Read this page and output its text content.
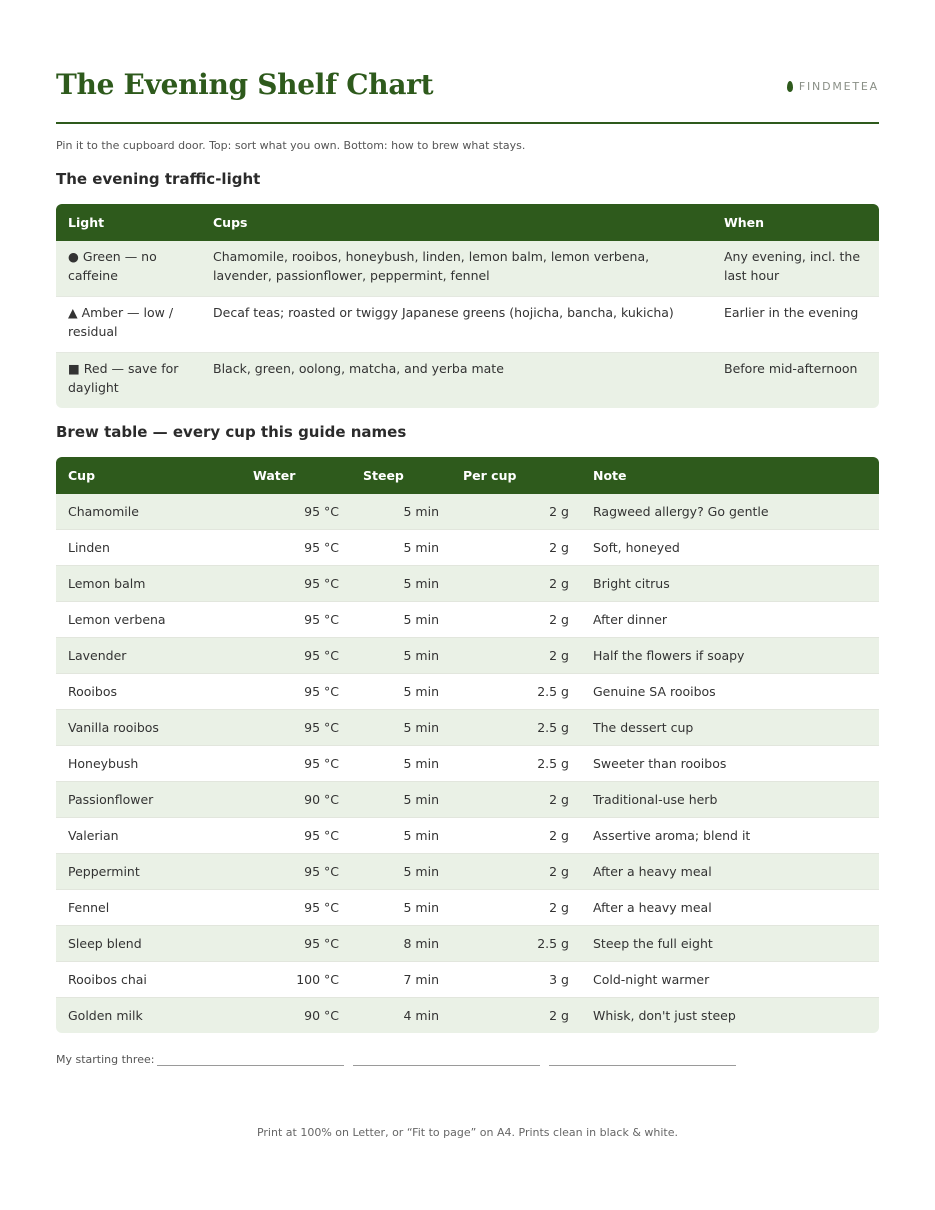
The Evening Shelf Chart	FINDMETEA
Pin it to the cupboard door. Top: sort what you own. Bottom: how to brew what stays.
The evening traffic-light
Light	Cups	When
● Green — no caffeine	Chamomile, rooibos, honeybush, linden, lemon balm, lemon verbena, lavender, passionflower, peppermint, fennel	Any evening, incl. the last hour
▲ Amber — low / residual	Decaf teas; roasted or twiggy Japanese greens (hojicha, bancha, kukicha)	Earlier in the evening
■ Red — save for daylight	Black, green, oolong, matcha, and yerba mate	Before mid-afternoon
Brew table — every cup this guide names
Cup	Water	Steep	Per cup	Note
Chamomile	95 °C	5 min	2 g	Ragweed allergy? Go gentle
Linden	95 °C	5 min	2 g	Soft, honeyed
Lemon balm	95 °C	5 min	2 g	Bright citrus
Lemon verbena	95 °C	5 min	2 g	After dinner
Lavender	95 °C	5 min	2 g	Half the flowers if soapy
Rooibos	95 °C	5 min	2.5 g	Genuine SA rooibos
Vanilla rooibos	95 °C	5 min	2.5 g	The dessert cup
Honeybush	95 °C	5 min	2.5 g	Sweeter than rooibos
Passionflower	90 °C	5 min	2 g	Traditional-use herb
Valerian	95 °C	5 min	2 g	Assertive aroma; blend it
Peppermint	95 °C	5 min	2 g	After a heavy meal
Fennel	95 °C	5 min	2 g	After a heavy meal
Sleep blend	95 °C	8 min	2.5 g	Steep the full eight
Rooibos chai	100 °C	7 min	3 g	Cold-night warmer
Golden milk	90 °C	4 min	2 g	Whisk, don't just steep
My starting three:
Print at 100% on Letter, or “Fit to page” on A4. Prints clean in black & white.
